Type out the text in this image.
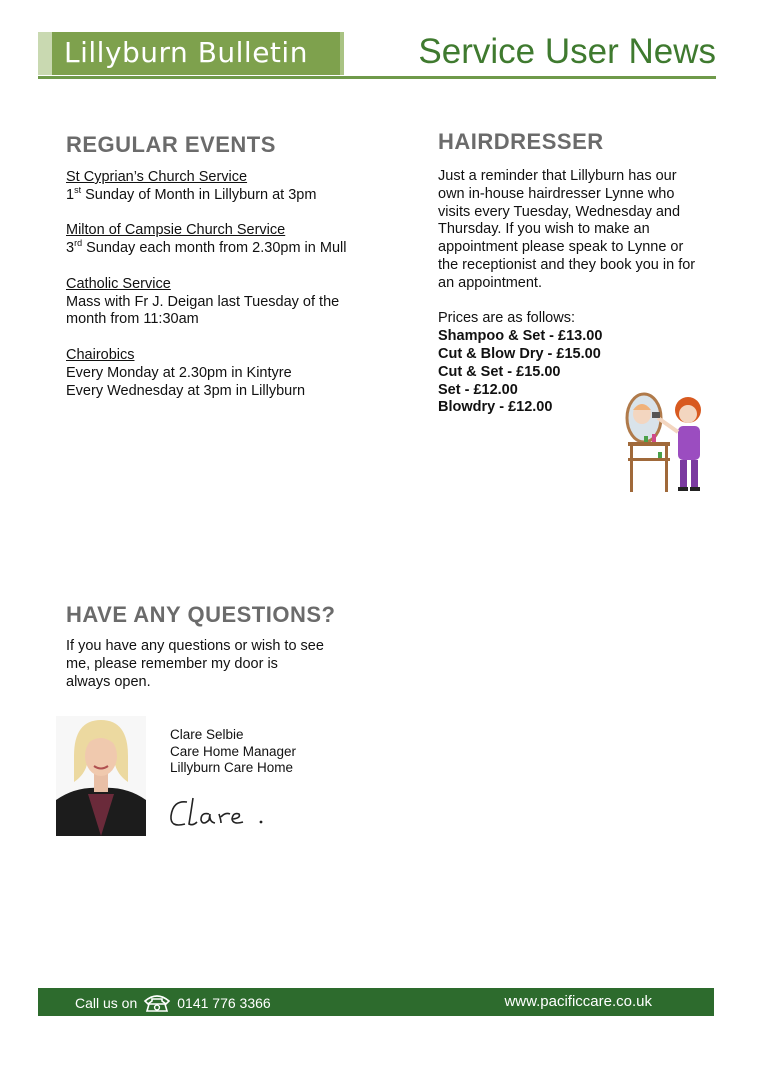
Lillyburn Bulletin	Service User News
REGULAR EVENTS
St Cyprian’s Church Service
1st Sunday of Month in Lillyburn at 3pm
Milton of Campsie Church Service
3rd Sunday each month from 2.30pm in Mull
Catholic Service
Mass with Fr J. Deigan last Tuesday of the
month from 11:30am
Chairobics
Every Monday at 2.30pm in Kintyre
Every Wednesday at 3pm in Lillyburn
HAIRDRESSER
Just a reminder that Lillyburn has our
own in-house hairdresser Lynne who
visits every Tuesday, Wednesday and
Thursday. If you wish to make an
appointment please speak to Lynne or
the receptionist and they book you in for
an appointment.
Prices are as follows:
Shampoo & Set - £13.00
Cut & Blow Dry - £15.00
Cut & Set - £15.00
Set - £12.00
Blowdry - £12.00
HAVE ANY QUESTIONS?
If you have any questions or wish to see
me, please remember my door is
always open.
Clare Selbie
Care Home Manager
Lillyburn Care Home
Call us on	0141 776 3366	www.pacificcare.co.uk
